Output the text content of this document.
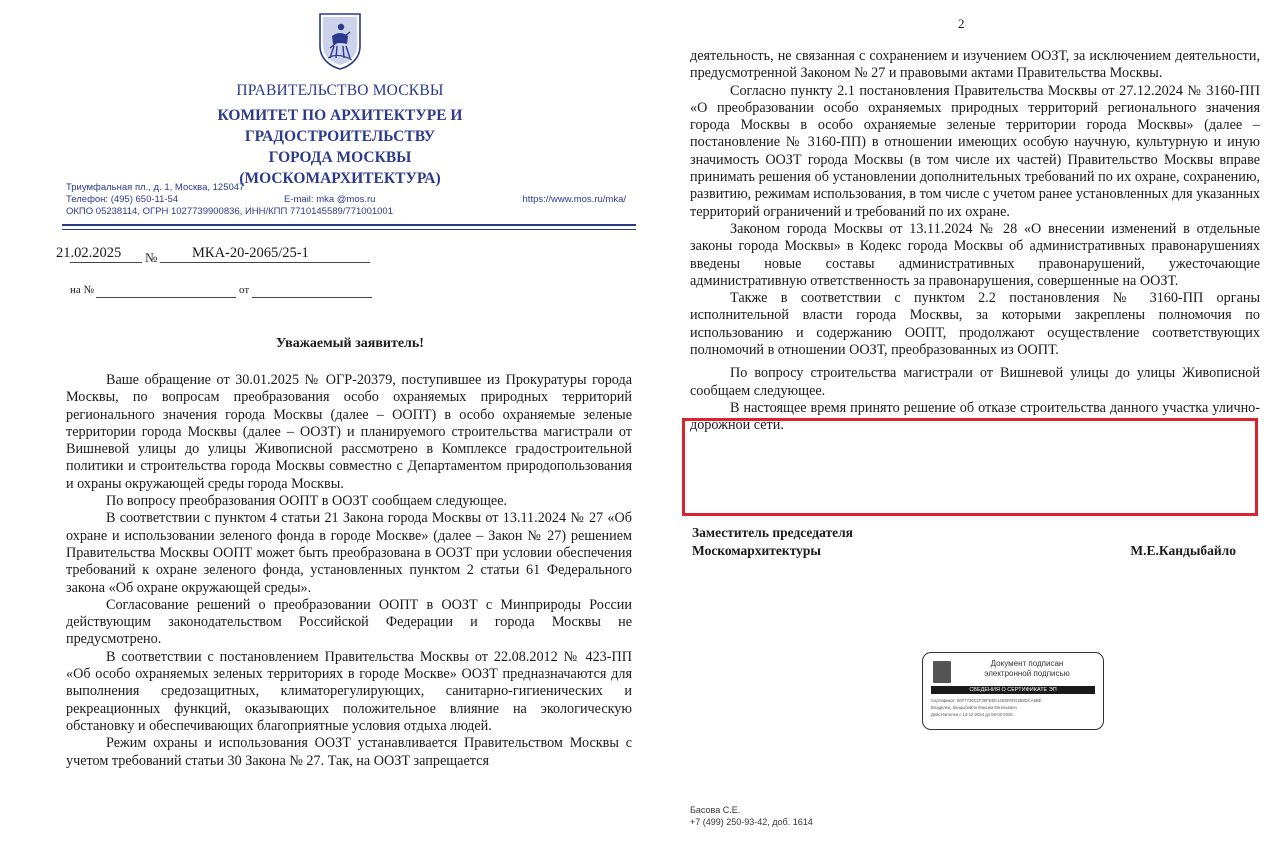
ПРАВИТЕЛЬСТВО МОСКВЫ
КОМИТЕТ ПО АРХИТЕКТУРЕ И ГРАДОСТРОИТЕЛЬСТВУ
ГОРОДА МОСКВЫ
(МОСКОМАРХИТЕКТУРА)
Триумфальная пл., д. 1, Москва, 125047
Телефон: (495) 650-11-54	E-mail: mka @mos.ru	https://www.mos.ru/mka/
ОКПО 05238114, ОГРН 1027739900836, ИНН/КПП 7710145589/771001001
21.02.2025 № МКА-20-2065/25-1
на №	от
Уважаемый заявитель!

Ваше обращение от 30.01.2025 № ОГР-20379, поступившее из Прокуратуры города Москвы, по вопросам преобразования особо охраняемых природных территорий регионального значения города Москвы (далее – ООПТ) в особо охраняемые зеленые территории города Москвы (далее – ООЗТ) и планируемого строительства магистрали от Вишневой улицы до улицы Живописной рассмотрено в Комплексе градостроительной политики и строительства города Москвы совместно с Департаментом природопользования и охраны окружающей среды города Москвы.

По вопросу преобразования ООПТ в ООЗТ сообщаем следующее.

В соответствии с пунктом 4 статьи 21 Закона города Москвы от 13.11.2024 № 27 «Об охране и использовании зеленого фонда в городе Москве» (далее – Закон № 27) решением Правительства Москвы ООПТ может быть преобразована в ООЗТ при условии обеспечения требований к охране зеленого фонда, установленных пунктом 2 статьи 61 Федерального закона «Об охране окружающей среды».

Согласование решений о преобразовании ООПТ в ООЗТ с Минприроды России действующим законодательством Российской Федерации и города Москвы не предусмотрено.

В соответствии с постановлением Правительства Москвы от 22.08.2012 № 423-ПП «Об особо охраняемых зеленых территориях в городе Москве» ООЗТ предназначаются для выполнения средозащитных, климаторегулирующих, санитарно-гигиенических и рекреационных функций, оказывающих положительное влияние на экологическую обстановку и обеспечивающих благоприятные условия отдыха людей.

Режим охраны и использования ООЗТ устанавливается Правительством Москвы с учетом требований статьи 30 Закона № 27. Так, на ООЗТ запрещается

2

деятельность, не связанная с сохранением и изучением ООЗТ, за исключением деятельности, предусмотренной Законом № 27 и правовыми актами Правительства Москвы.

Согласно пункту 2.1 постановления Правительства Москвы от 27.12.2024 № 3160-ПП «О преобразовании особо охраняемых природных территорий регионального значения города Москвы в особо охраняемые зеленые территории города Москвы» (далее – постановление № 3160-ПП) в отношении имеющих особую научную, культурную и иную значимость ООЗТ города Москвы (в том числе их частей) Правительство Москвы вправе принимать решения об установлении дополнительных требований по их охране, сохранению, развитию, режимам использования, в том числе с учетом ранее установленных для указанных территорий ограничений и требований по их охране.

Законом города Москвы от 13.11.2024 № 28 «О внесении изменений в отдельные законы города Москвы» в Кодекс города Москвы об административных правонарушениях введены новые составы административных правонарушений, ужесточающие административную ответственность за правонарушения, совершенные на ООЗТ.

Также в соответствии с пунктом 2.2 постановления № 3160-ПП органы исполнительной власти города Москвы, за которыми закреплены полномочия по использованию и содержанию ООПТ, продолжают осуществление соответствующих полномочий в отношении ООЗТ, преобразованных из ООПТ.

По вопросу строительства магистрали от Вишневой улицы до улицы Живописной сообщаем следующее.

В настоящее время принято решение об отказе строительства данного участка улично-дорожной сети.

Заместитель председателя
Москомархитектуры	М.Е.Кандыбайло
Документ подписан
электронной подписью
СВЕДЕНИЯ О СЕРТИФИКАТЕ ЭП
Сертификат: 00F7726C1F36FEEE14E6F6FD2B8DCA6BE
Владелец: Кандыбайло Максим Евгеньевич
Действителен с 13-12-2024 до 08-03-2026
Басова С.Е.
+7 (499) 250-93-42, доб. 1614
